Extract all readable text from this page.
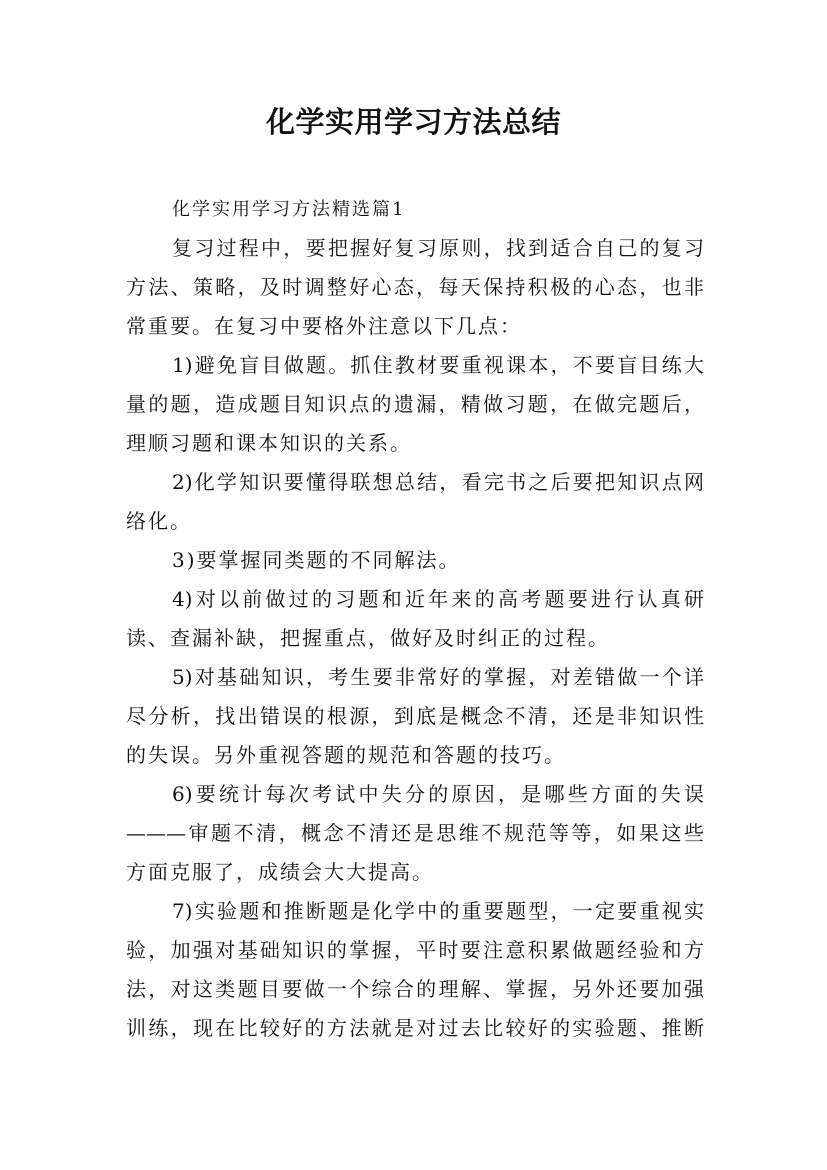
化学实用学习方法总结
化学实用学习方法精选篇1
复习过程中，要把握好复习原则，找到适合自己的复习
方法、策略，及时调整好心态，每天保持积极的心态，也非
常重要。在复习中要格外注意以下几点：
1)避免盲目做题。抓住教材要重视课本，不要盲目练大
量的题，造成题目知识点的遗漏，精做习题，在做完题后，
理顺习题和课本知识的关系。
2)化学知识要懂得联想总结，看完书之后要把知识点网
络化。
3)要掌握同类题的不同解法。
4)对以前做过的习题和近年来的高考题要进行认真研
读、查漏补缺，把握重点，做好及时纠正的过程。
5)对基础知识，考生要非常好的掌握，对差错做一个详
尽分析，找出错误的根源，到底是概念不清，还是非知识性
的失误。另外重视答题的规范和答题的技巧。
6)要统计每次考试中失分的原因，是哪些方面的失误
———审题不清，概念不清还是思维不规范等等，如果这些
方面克服了，成绩会大大提高。
7)实验题和推断题是化学中的重要题型，一定要重视实
验，加强对基础知识的掌握，平时要注意积累做题经验和方
法，对这类题目要做一个综合的理解、掌握，另外还要加强
训练，现在比较好的方法就是对过去比较好的实验题、推断
